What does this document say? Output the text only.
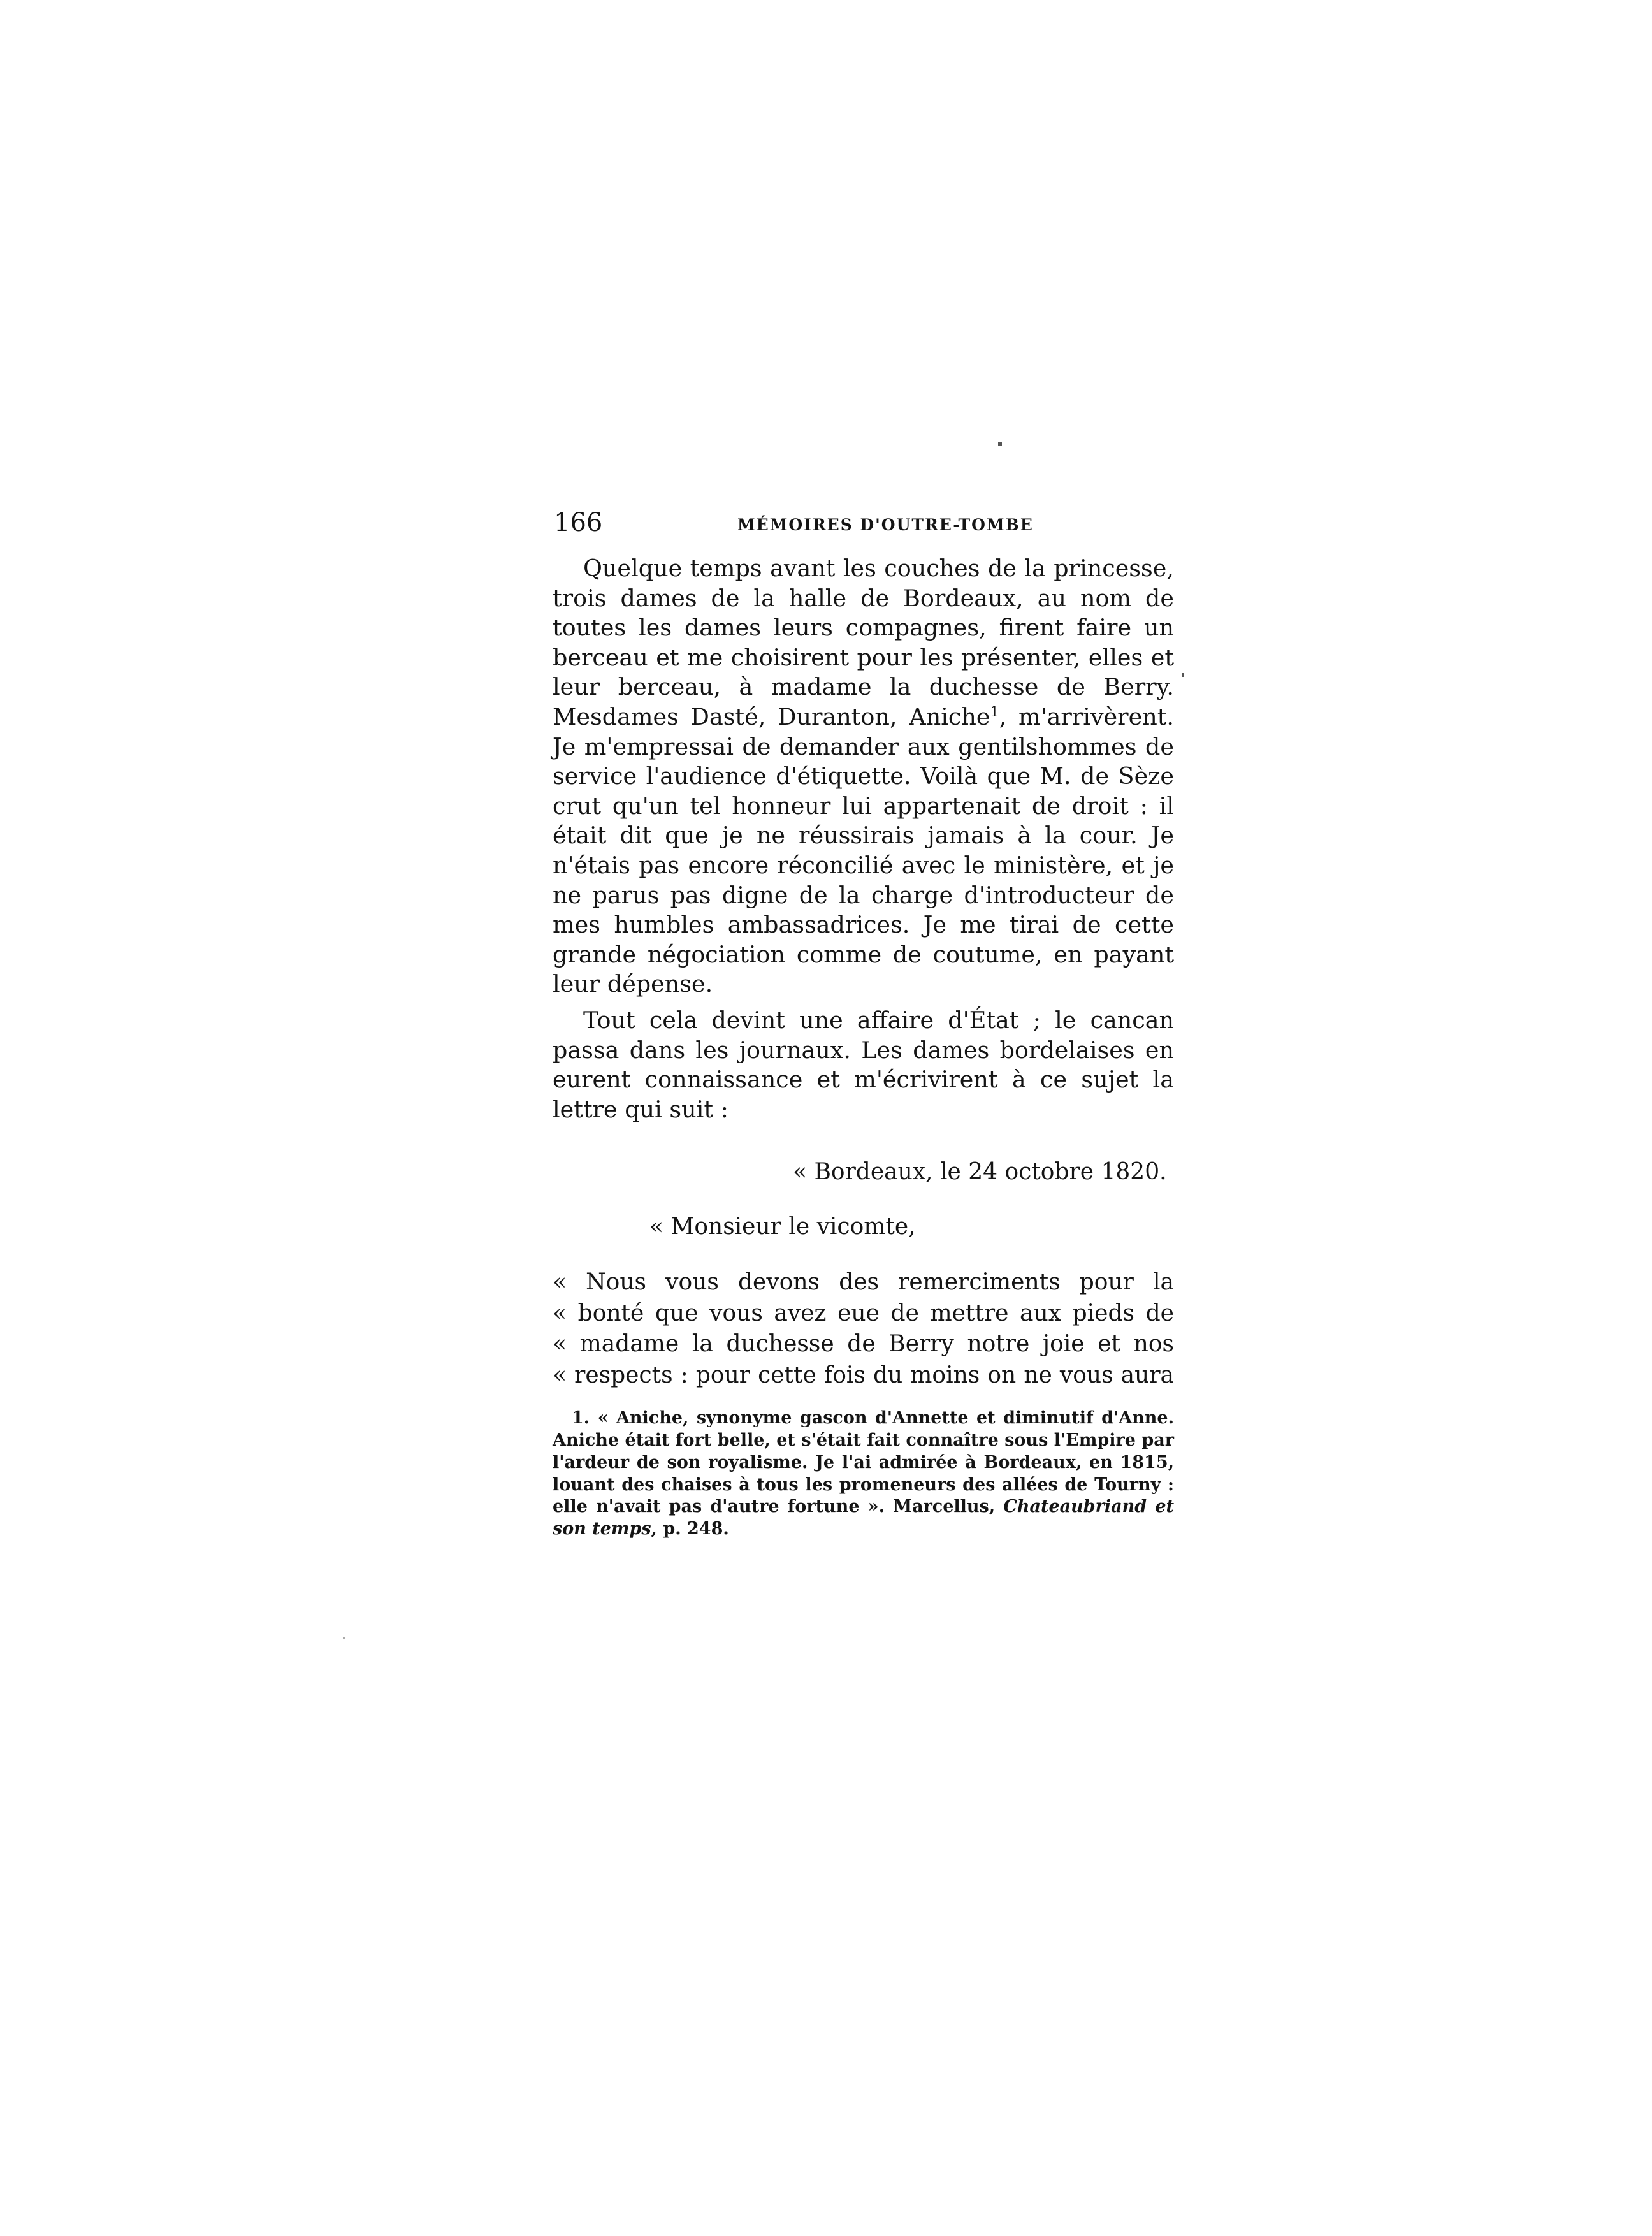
166	MÉMOIRES D'OUTRE-TOMBE

Quelque temps avant les couches de la princesse, trois dames de la halle de Bordeaux, au nom de toutes les dames leurs compagnes, firent faire un berceau et me choisirent pour les présenter, elles et leur berceau, à madame la duchesse de Berry. Mesdames Dasté, Duranton, Aniche$^1$, m'arrivèrent. Je m'empressai de demander aux gentilshommes de service l'audience d'étiquette. Voilà que M. de Sèze crut qu'un tel honneur lui appartenait de droit : il était dit que je ne réussirais jamais à la cour. Je n'étais pas encore réconcilié avec le ministère, et je ne parus pas digne de la charge d'introducteur de mes humbles ambassadrices. Je me tirai de cette grande négociation comme de coutume, en payant leur dépense.

Tout cela devint une affaire d'État ; le cancan passa dans les journaux. Les dames bordelaises en eurent connaissance et m'écrivirent à ce sujet la lettre qui suit :

« Bordeaux, le 24 octobre 1820.
« Monsieur le vicomte,
« Nous vous devons des remerciments pour la
« bonté que vous avez eue de mettre aux pieds de
« madame la duchesse de Berry notre joie et nos
« respects : pour cette fois du moins on ne vous aura
1. « Aniche, synonyme gascon d'Annette et diminutif d'Anne. Aniche était fort belle, et s'était fait connaître sous l'Empire par l'ardeur de son royalisme. Je l'ai admirée à Bordeaux, en 1815, louant des chaises à tous les promeneurs des allées de Tourny : elle n'avait pas d'autre fortune ». Marcellus, Chateaubriand et son temps, p. 248.
